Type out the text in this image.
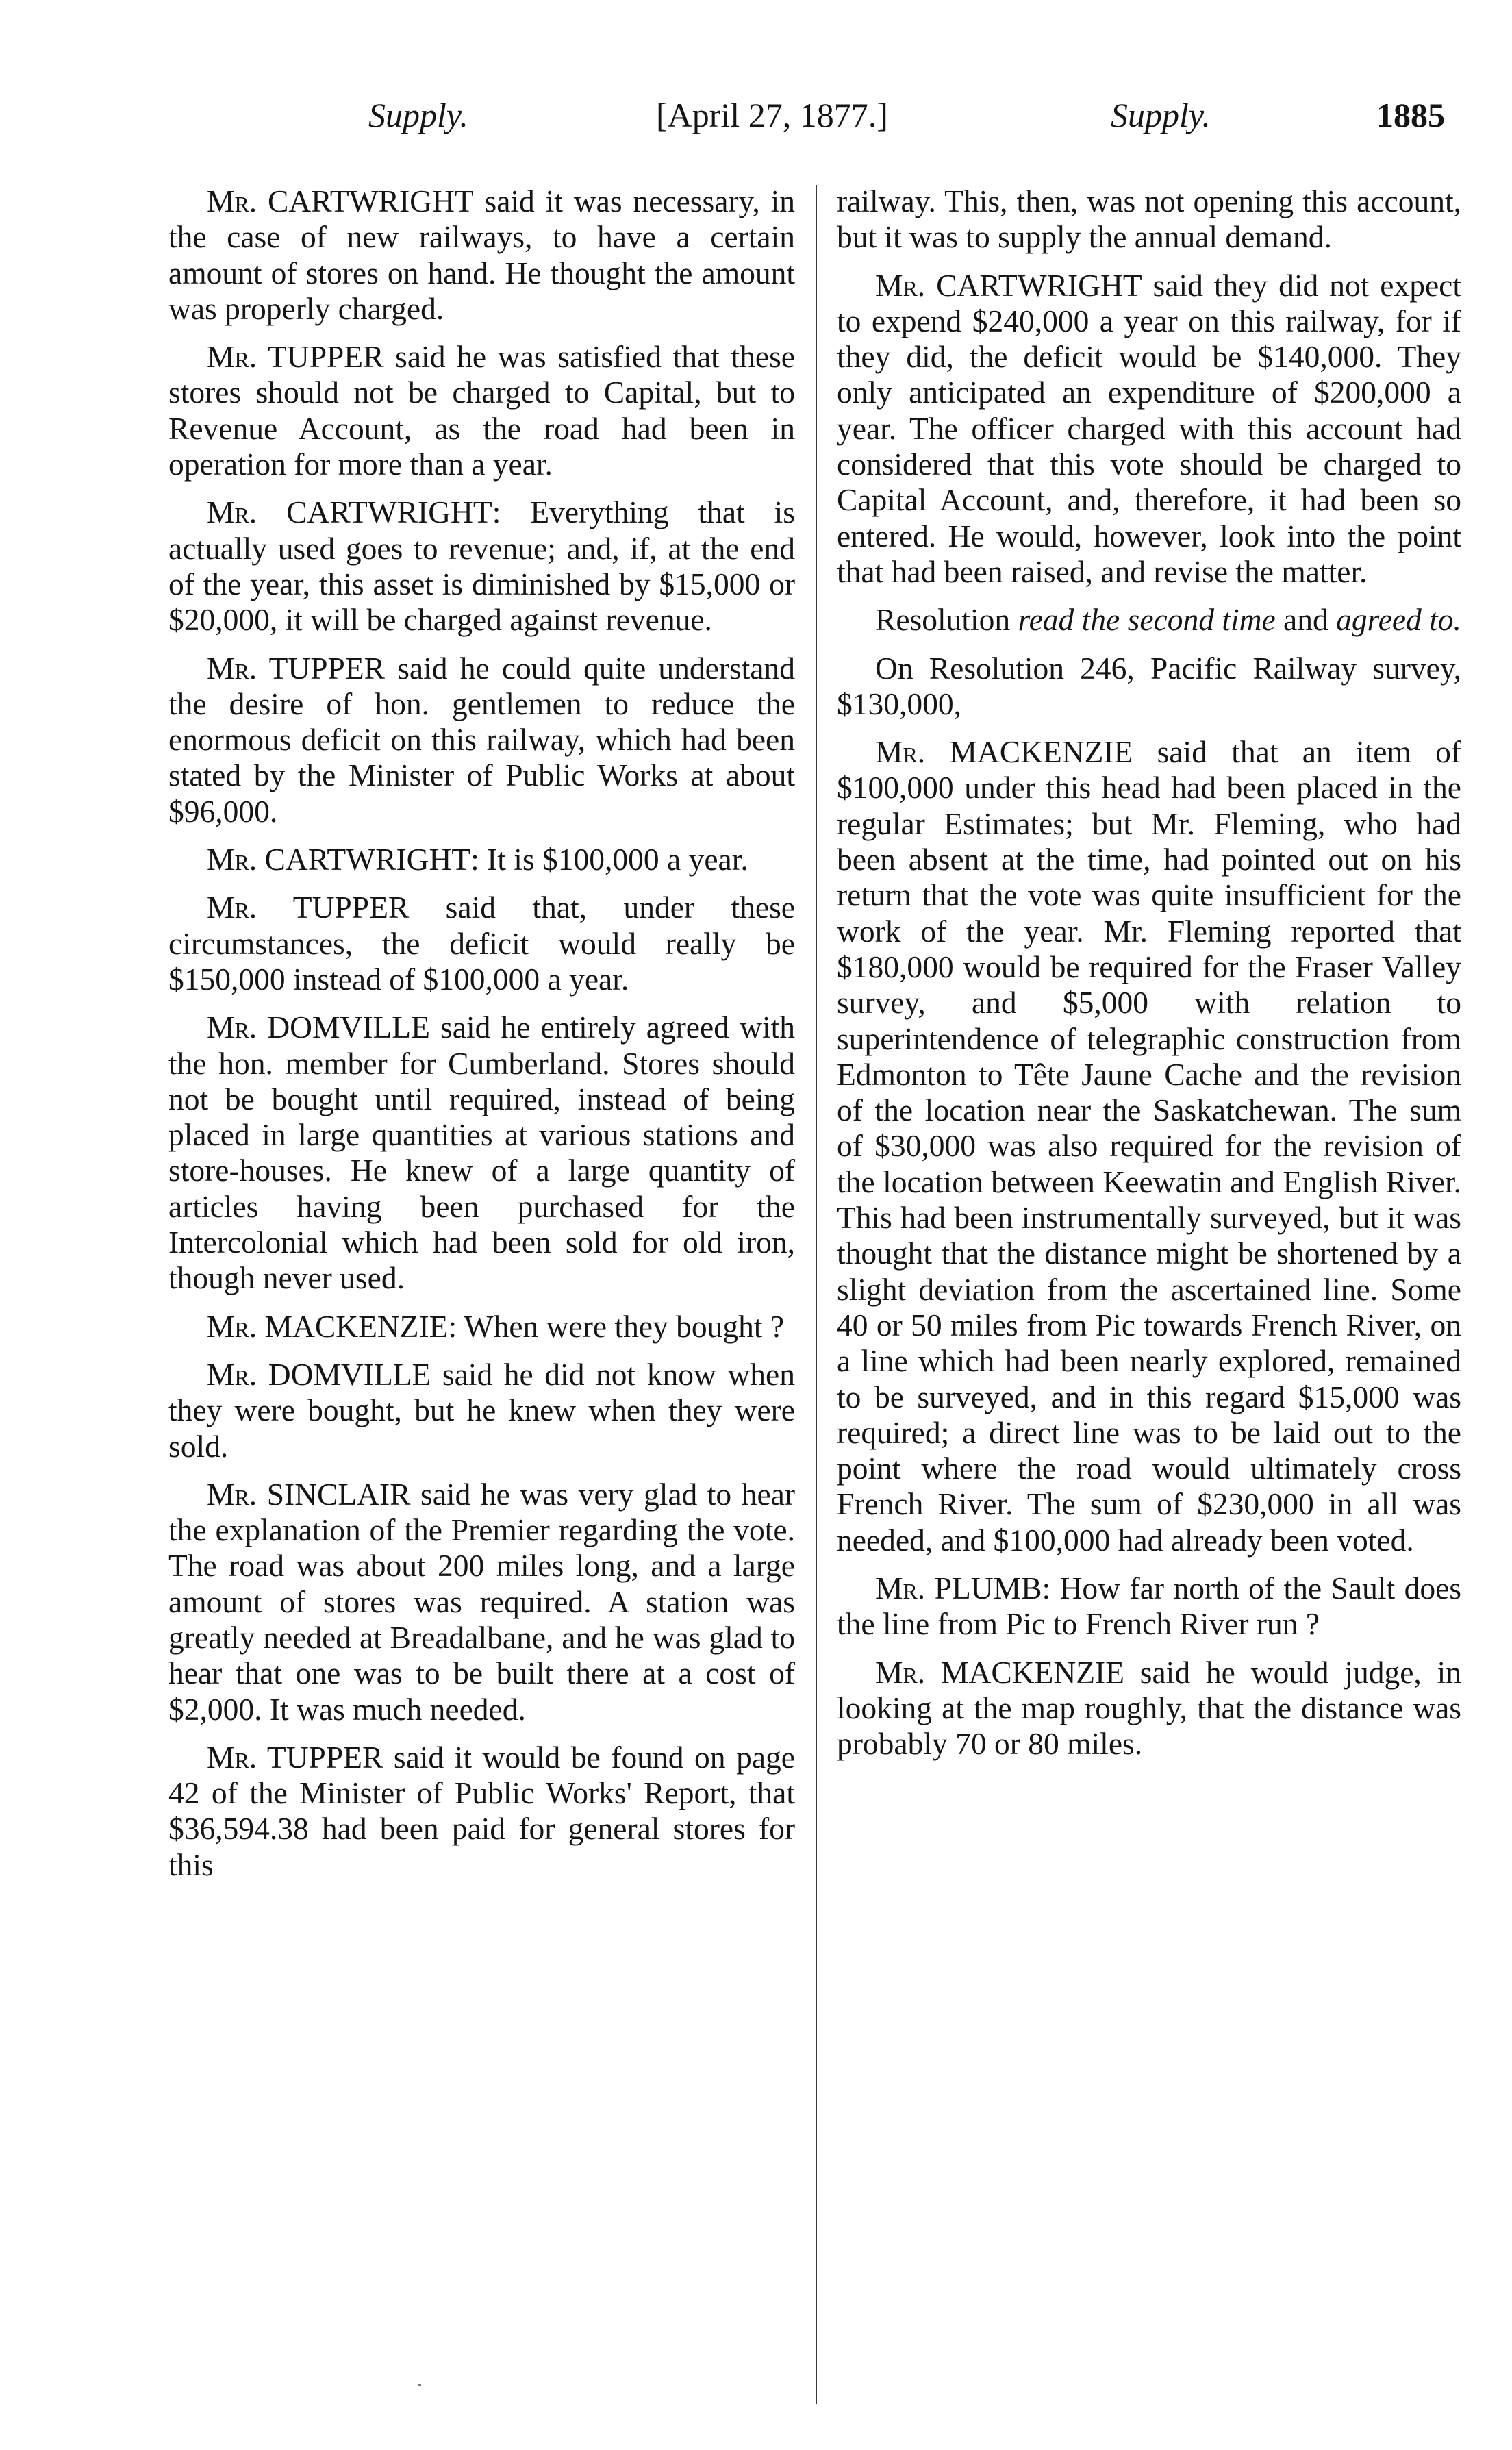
Supply.	[April 27, 1877.]	Supply.	1885

Mr. CARTWRIGHT said it was necessary, in the case of new railways, to have a certain amount of stores on hand. He thought the amount was properly charged.

Mr. TUPPER said he was satisfied that these stores should not be charged to Capital, but to Revenue Account, as the road had been in operation for more than a year.

Mr. CARTWRIGHT: Everything that is actually used goes to revenue; and, if, at the end of the year, this asset is diminished by $15,000 or $20,000, it will be charged against revenue.

Mr. TUPPER said he could quite understand the desire of hon. gentlemen to reduce the enormous deficit on this railway, which had been stated by the Minister of Public Works at about $96,000.

Mr. CARTWRIGHT: It is $100,000 a year.

Mr. TUPPER said that, under these circumstances, the deficit would really be $150,000 instead of $100,000 a year.

Mr. DOMVILLE said he entirely agreed with the hon. member for Cumberland. Stores should not be bought until required, instead of being placed in large quantities at various stations and store-houses. He knew of a large quantity of articles having been purchased for the Intercolonial which had been sold for old iron, though never used.

Mr. MACKENZIE: When were they bought ?

Mr. DOMVILLE said he did not know when they were bought, but he knew when they were sold.

Mr. SINCLAIR said he was very glad to hear the explanation of the Premier regarding the vote. The road was about 200 miles long, and a large amount of stores was required. A station was greatly needed at Breadalbane, and he was glad to hear that one was to be built there at a cost of $2,000. It was much needed.

Mr. TUPPER said it would be found on page 42 of the Minister of Public Works' Report, that $36,594.38 had been paid for general stores for this

railway. This, then, was not opening this account, but it was to supply the annual demand.

Mr. CARTWRIGHT said they did not expect to expend $240,000 a year on this railway, for if they did, the deficit would be $140,000. They only anticipated an expenditure of $200,000 a year. The officer charged with this account had considered that this vote should be charged to Capital Account, and, therefore, it had been so entered. He would, however, look into the point that had been raised, and revise the matter.

Resolution read the second time and agreed to.

On Resolution 246, Pacific Railway survey, $130,000,

Mr. MACKENZIE said that an item of $100,000 under this head had been placed in the regular Estimates; but Mr. Fleming, who had been absent at the time, had pointed out on his return that the vote was quite insufficient for the work of the year. Mr. Fleming reported that $180,000 would be required for the Fraser Valley survey, and $5,000 with relation to superintendence of telegraphic construction from Edmonton to Tête Jaune Cache and the revision of the location near the Saskatchewan. The sum of $30,000 was also required for the revision of the location between Keewatin and English River. This had been instrumentally surveyed, but it was thought that the distance might be shortened by a slight deviation from the ascertained line. Some 40 or 50 miles from Pic towards French River, on a line which had been nearly explored, remained to be surveyed, and in this regard $15,000 was required; a direct line was to be laid out to the point where the road would ultimately cross French River. The sum of $230,000 in all was needed, and $100,000 had already been voted.

Mr. PLUMB: How far north of the Sault does the line from Pic to French River run ?

Mr. MACKENZIE said he would judge, in looking at the map roughly, that the distance was probably 70 or 80 miles.
